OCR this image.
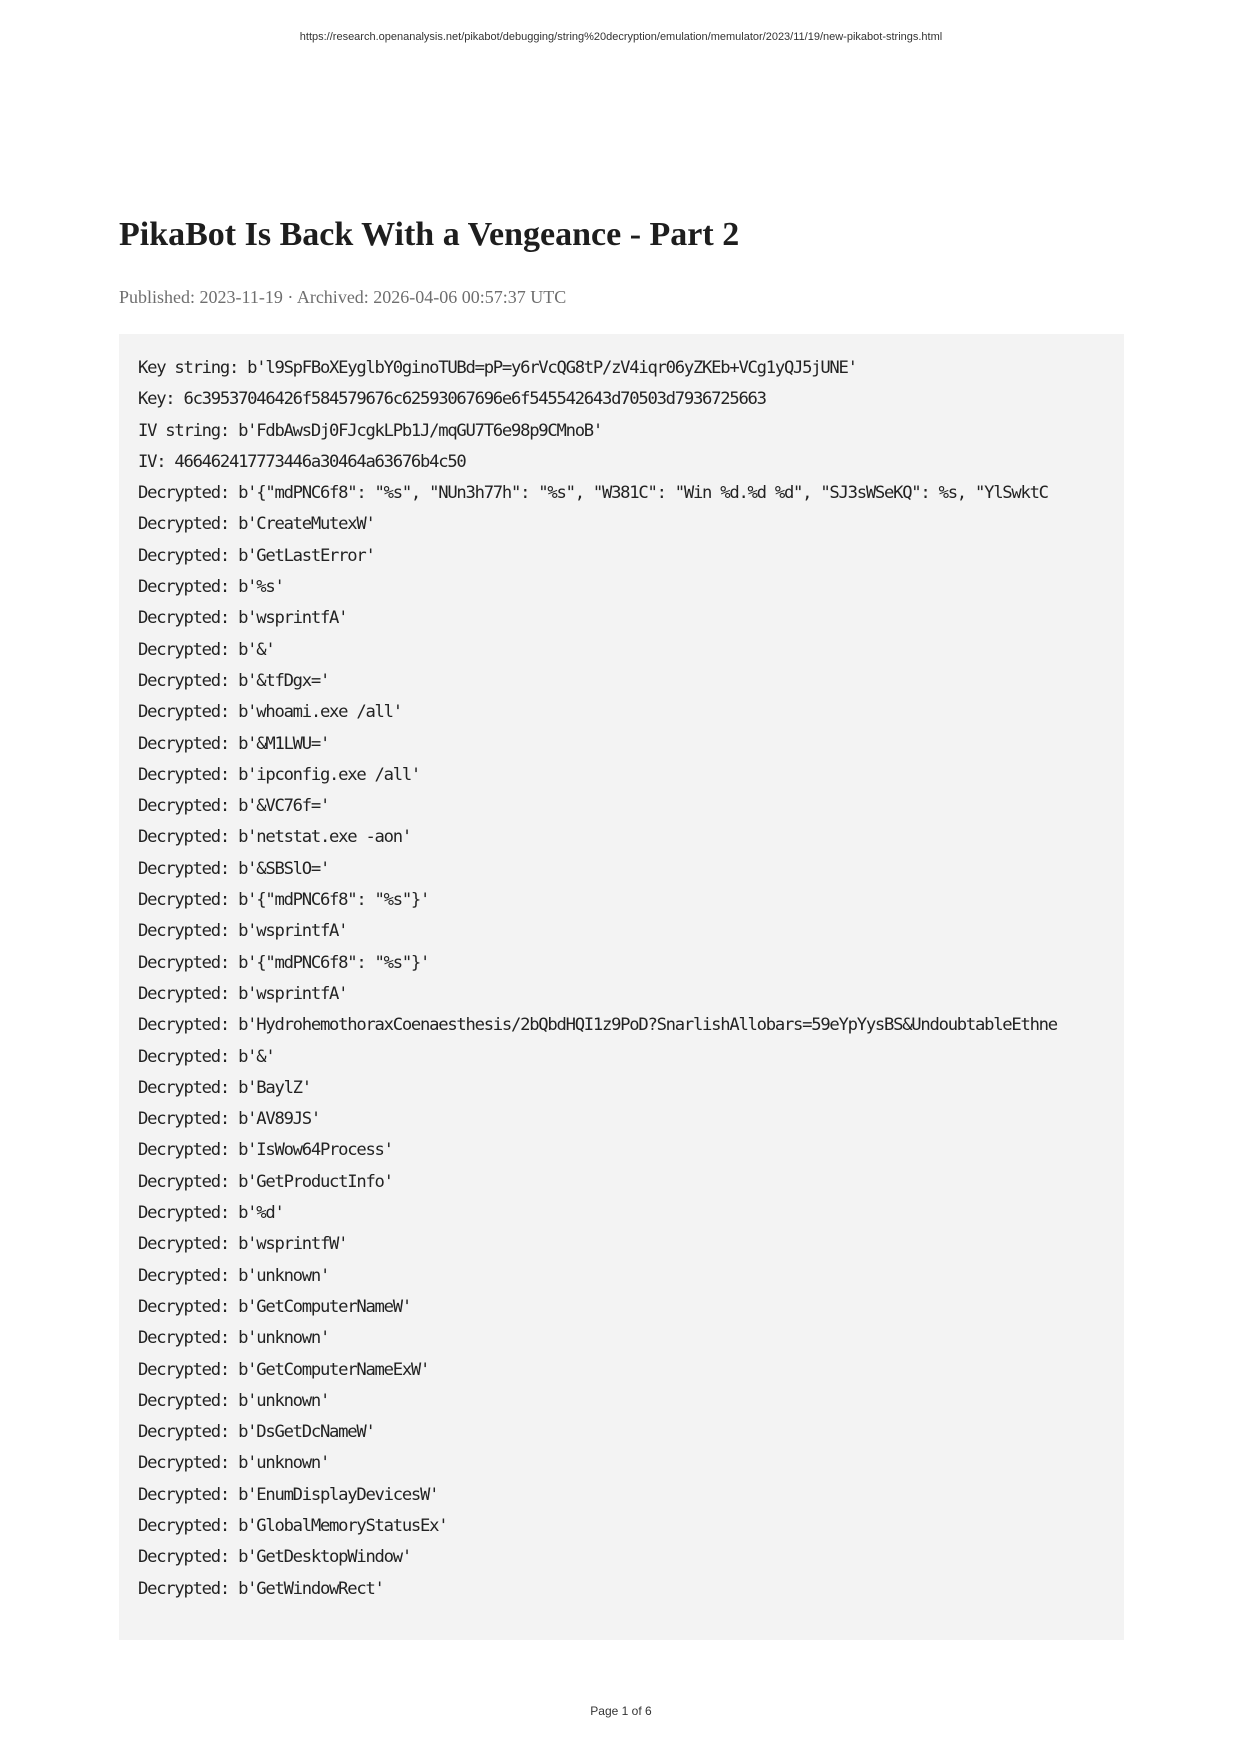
https://research.openanalysis.net/pikabot/debugging/string%20decryption/emulation/memulator/2023/11/19/new-pikabot-strings.html
PikaBot Is Back With a Vengeance - Part 2
Published: 2023-11-19 · Archived: 2026-04-06 00:57:37 UTC
Key string: b'l9SpFBoXEyglbY0ginoTUBd=pP=y6rVcQG8tP/zV4iqr06yZKEb+VCg1yQJ5jUNE'
Key: 6c39537046426f584579676c62593067696e6f545542643d70503d7936725663
IV string: b'FdbAwsDj0FJcgkLPb1J/mqGU7T6e98p9CMnoB'
IV: 466462417773446a30464a63676b4c50
Decrypted: b'{"mdPNC6f8": "%s", "NUn3h77h": "%s", "W381C": "Win %d.%d %d", "SJ3sWSeKQ": %s, "YlSwktC
Decrypted: b'CreateMutexW'
Decrypted: b'GetLastError'
Decrypted: b'%s'
Decrypted: b'wsprintfA'
Decrypted: b'&'
Decrypted: b'&tfDgx='
Decrypted: b'whoami.exe /all'
Decrypted: b'&M1LWU='
Decrypted: b'ipconfig.exe /all'
Decrypted: b'&VC76f='
Decrypted: b'netstat.exe -aon'
Decrypted: b'&SBSlO='
Decrypted: b'{"mdPNC6f8": "%s"}'
Decrypted: b'wsprintfA'
Decrypted: b'{"mdPNC6f8": "%s"}'
Decrypted: b'wsprintfA'
Decrypted: b'HydrohemothoraxCoenaesthesis/2bQbdHQI1z9PoD?SnarlishAllobars=59eYpYysBS&UndoubtableEthne
Decrypted: b'&'
Decrypted: b'BaylZ'
Decrypted: b'AV89JS'
Decrypted: b'IsWow64Process'
Decrypted: b'GetProductInfo'
Decrypted: b'%d'
Decrypted: b'wsprintfW'
Decrypted: b'unknown'
Decrypted: b'GetComputerNameW'
Decrypted: b'unknown'
Decrypted: b'GetComputerNameExW'
Decrypted: b'unknown'
Decrypted: b'DsGetDcNameW'
Decrypted: b'unknown'
Decrypted: b'EnumDisplayDevicesW'
Decrypted: b'GlobalMemoryStatusEx'
Decrypted: b'GetDesktopWindow'
Decrypted: b'GetWindowRect'
Page 1 of 6
